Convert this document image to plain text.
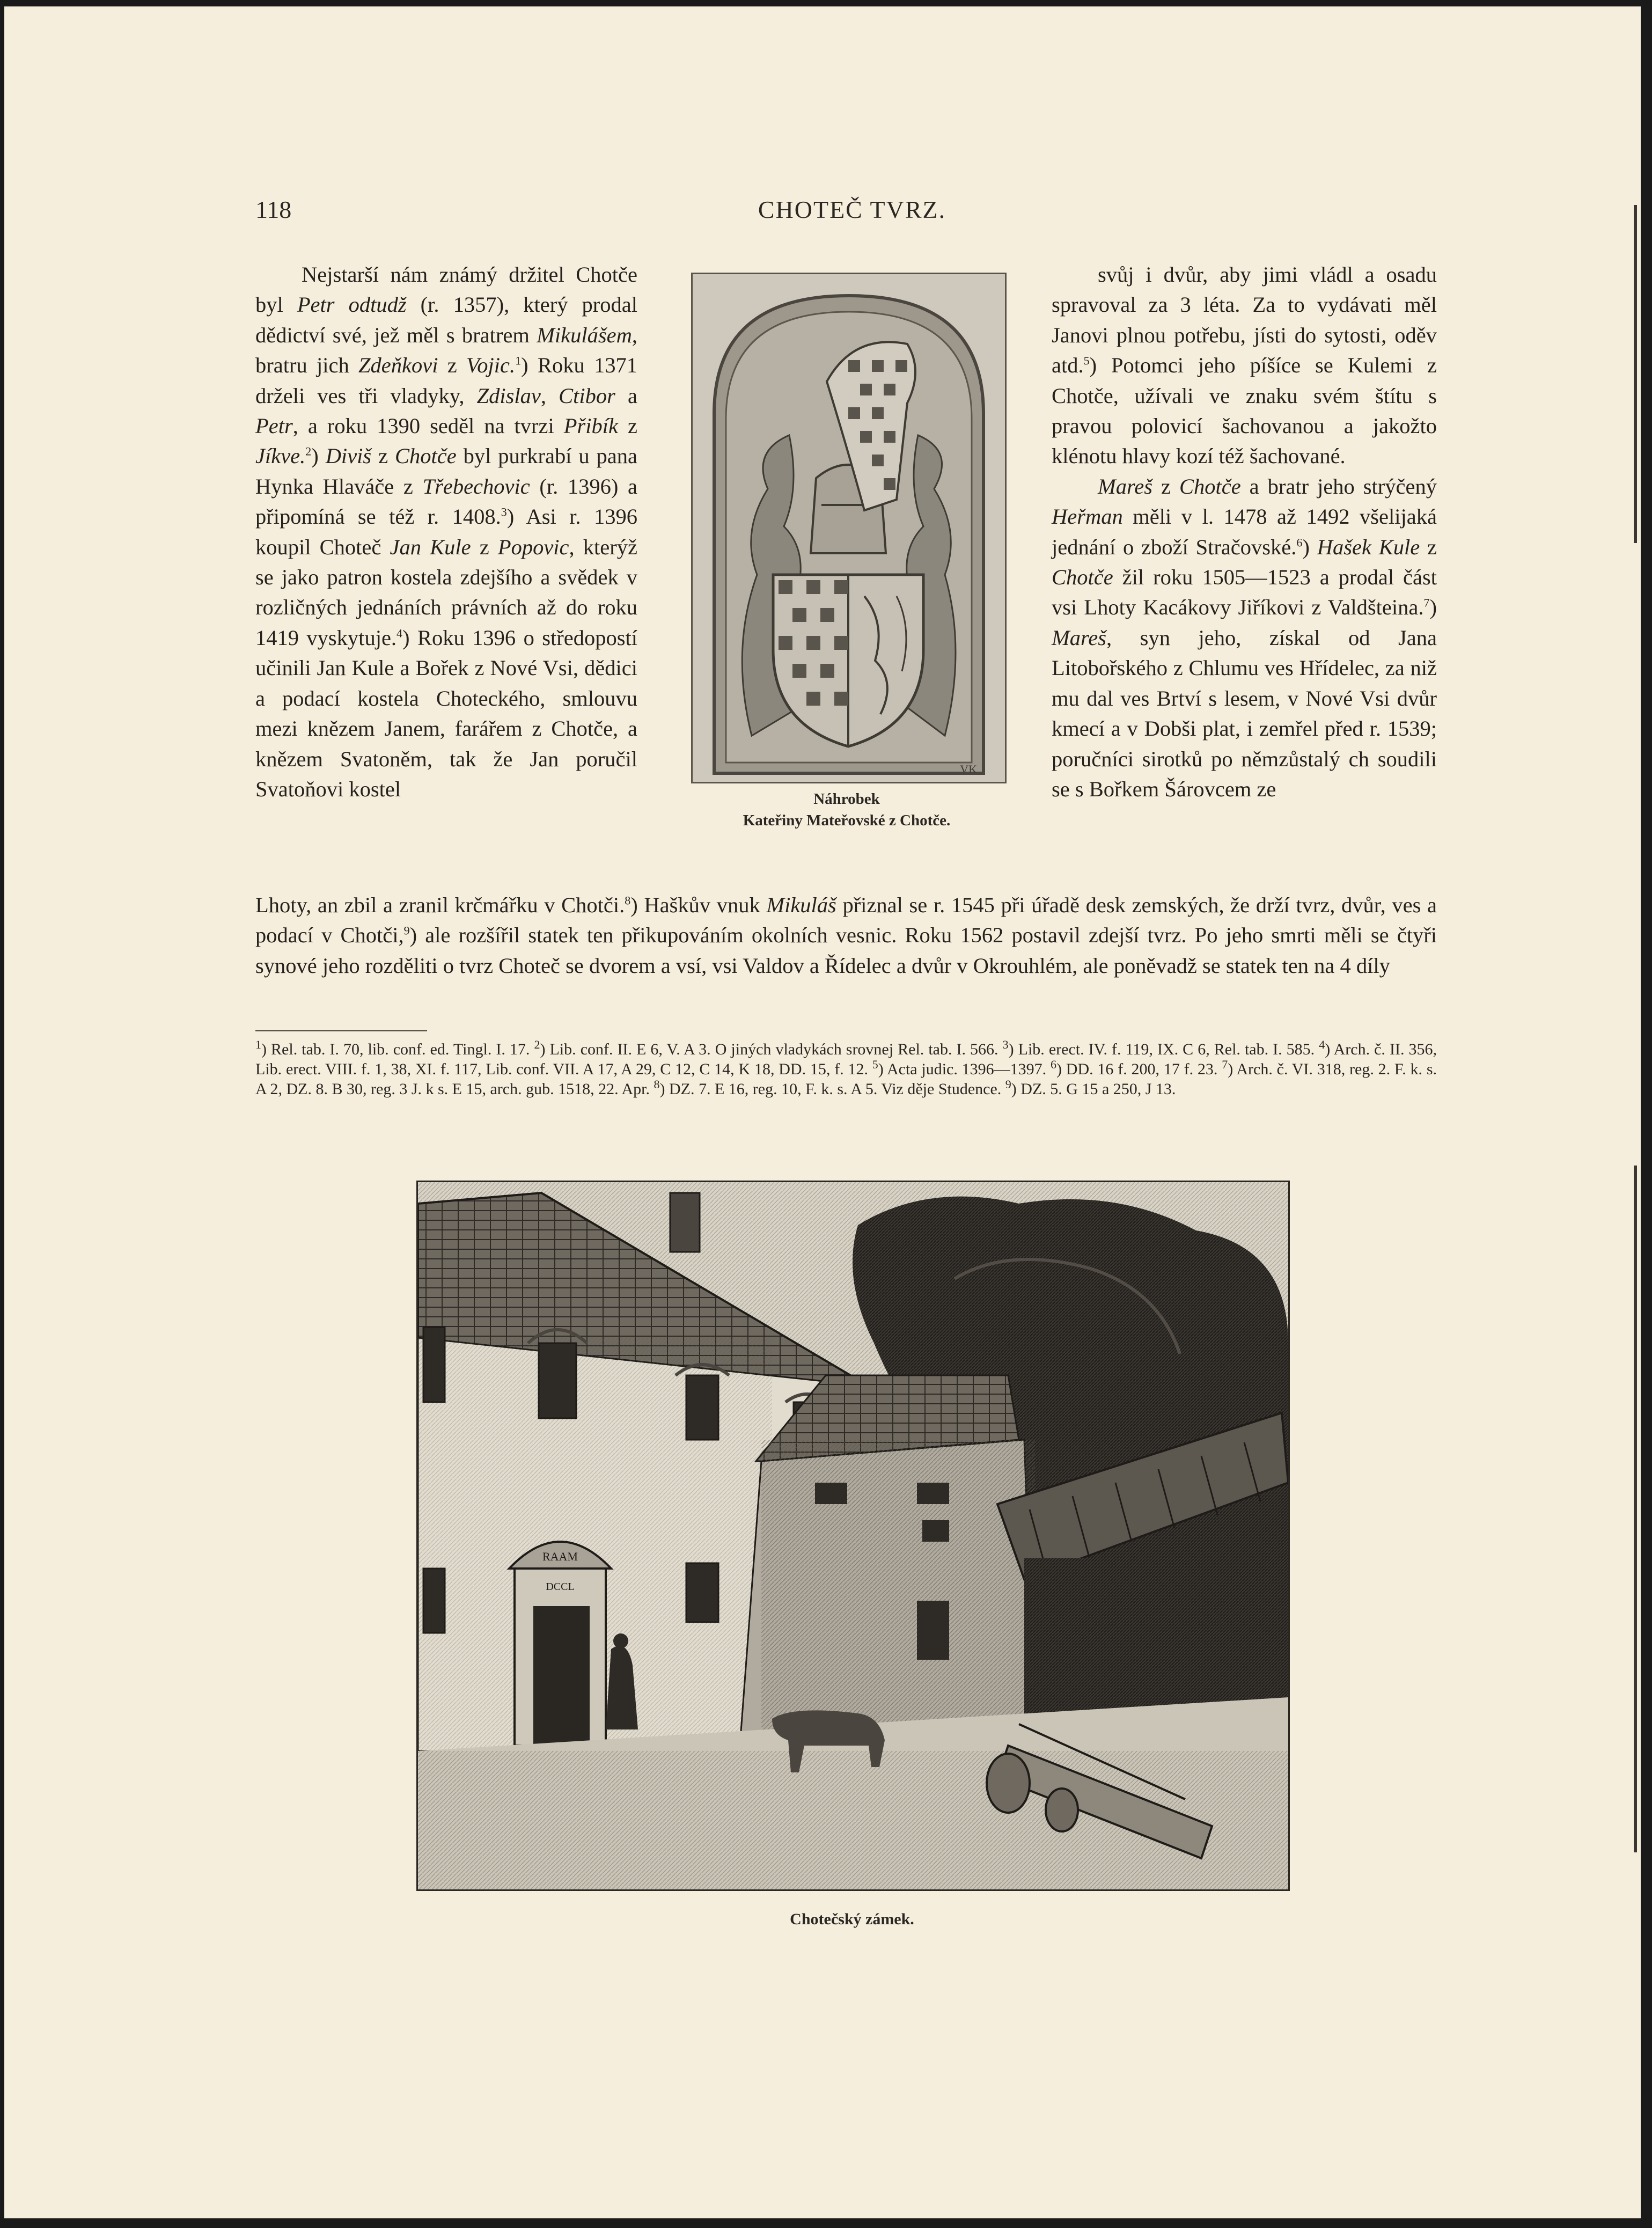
118	CHOTEČ TVRZ.

Nejstarší nám známý držitel Chotče byl Petr odtudž (r. 1357), který prodal dědictví své, jež měl s bratrem Mikulášem, bratru jich Zdeňkovi z Vojic.$^1$) Roku 1371 drželi ves tři vladyky, Zdislav, Ctibor a Petr, a roku 1390 seděl na tvrzi Přibík z Jíkve.$^2$) Diviš z Chotče byl purkrabí u pana Hynka Hlaváče z Třebechovic (r. 1396) a připomíná se též r. 1408.$^3$) Asi r. 1396 koupil Choteč Jan Kule z Popovic, kterýž se jako patron kostela zdejšího a svědek v rozličných jednáních právních až do roku 1419 vyskytuje.$^4$) Roku 1396 o středopostí učinili Jan Kule a Bořek z Nové Vsi, dědici a podací kostela Choteckého, smlouvu mezi knězem Janem, farářem z Chotče, a knězem Svatoněm, tak že Jan poručil Svatoňovi kostel

VK
Náhrobek
Kateřiny Mateřovské z Chotče.

svůj i dvůr, aby jimi vládl a osadu spravoval za 3 léta. Za to vydávati měl Janovi plnou potřebu, jísti do sytosti, oděv atd.$^5$) Potomci jeho píšíce se Kulemi z Chotče, užívali ve znaku svém štítu s pravou polovicí šachovanou a jakožto klénotu hlavy kozí též šachované.

Mareš z Chotče a bratr jeho strýčený Heřman měli v l. 1478 až 1492 všelijaká jednání o zboží Stračovské.$^6$) Hašek Kule z Chotče žil roku 1505—1523 a prodal část vsi Lhoty Kacákovy Jiříkovi z Valdšteina.$^7$) Mareš, syn jeho, získal od Jana Litobořského z Chlumu ves Hřídelec, za niž mu dal ves Brtví s lesem, v Nové Vsi dvůr kmecí a v Dobši plat, i zemřel před r. 1539; poručníci sirotků po němzůstalý ch soudili se s Bořkem Šárovcem ze

Lhoty, an zbil a zranil krčmářku v Chotči.$^8$) Haškův vnuk Mikuláš přiznal se r. 1545 při úřadě desk zemských, že drží tvrz, dvůr, ves a podací v Chotči,$^9$) ale rozšířil statek ten přikupováním okolních vesnic. Roku 1562 postavil zdejší tvrz. Po jeho smrti měli se čtyři synové jeho rozděliti o tvrz Choteč se dvorem a vsí, vsi Valdov a Řídelec a dvůr v Okrouhlém, ale poněvadž se statek ten na 4 díly
$^1$) Rel. tab. I. 70, lib. conf. ed. Tingl. I. 17. $^2$) Lib. conf. II. E 6, V. A 3. O jiných vladykách srovnej Rel. tab. I. 566. $^3$) Lib. erect. IV. f. 119, IX. C 6, Rel. tab. I. 585. $^4$) Arch. č. II. 356, Lib. erect. VIII. f. 1, 38, XI. f. 117, Lib. conf. VII. A 17, A 29, C 12, C 14, K 18, DD. 15, f. 12. $^5$) Acta judic. 1396—1397. $^6$) DD. 16 f. 200, 17 f. 23. $^7$) Arch. č. VI. 318, reg. 2. F. k. s. A 2, DZ. 8. B 30, reg. 3 J. k s. E 15, arch. gub. 1518, 22. Apr. $^8$) DZ. 7. E 16, reg. 10, F. k. s. A 5. Viz děje Studence. $^9$) DZ. 5. G 15 a 250, J 13.
RAAM
DCCL
Chotečský zámek.
